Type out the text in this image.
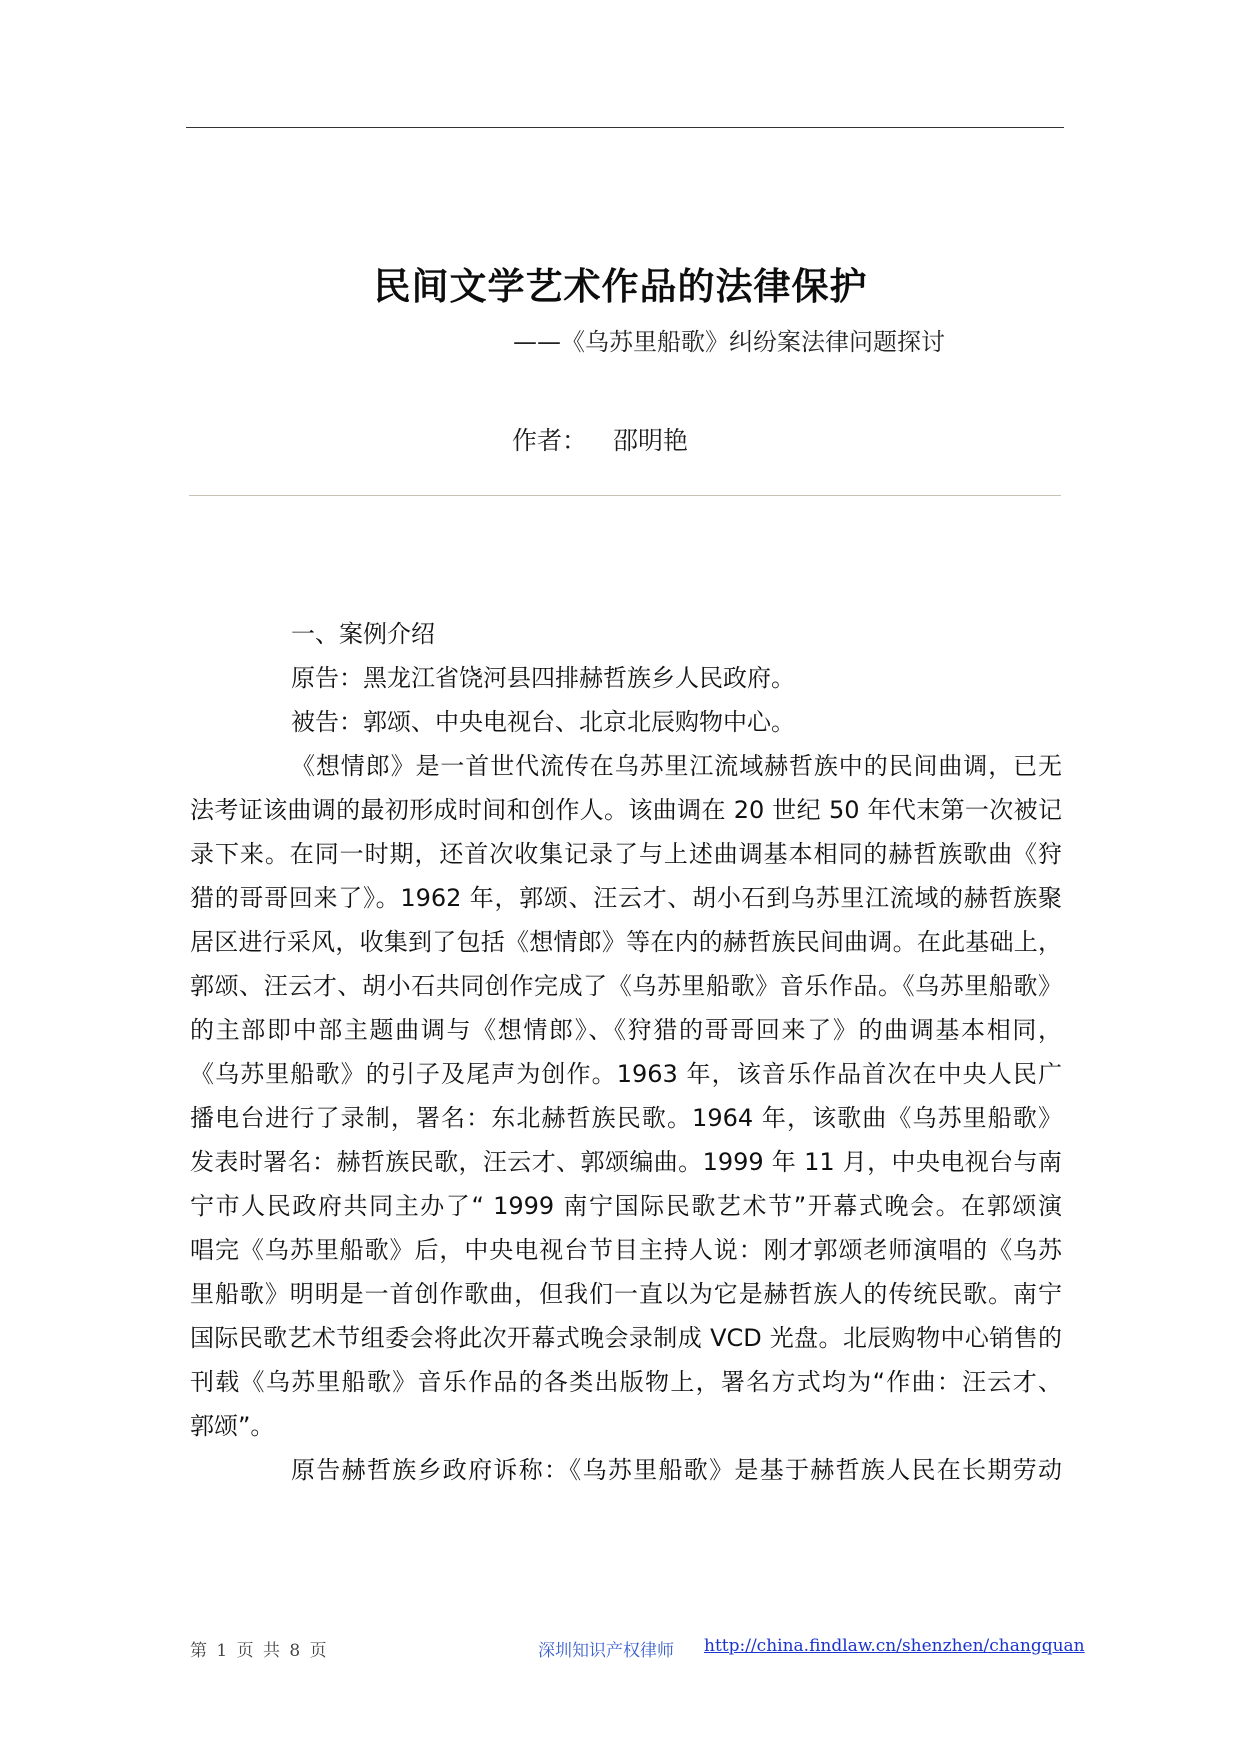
民间文学艺术作品的法律保护
——《乌苏里船歌》纠纷案法律问题探讨
作者： 邵明艳
一、案例介绍
原告：黑龙江省饶河县四排赫哲族乡人民政府。
被告：郭颂、中央电视台、北京北辰购物中心。

《想情郎》是一首世代流传在乌苏里江流域赫哲族中的民间曲调，已无
法考证该曲调的最初形成时间和创作人。该曲调在 20 世纪 50 年代末第一次被记
录下来。在同一时期，还首次收集记录了与上述曲调基本相同的赫哲族歌曲《狩
猎的哥哥回来了》。1962 年，郭颂、汪云才、胡小石到乌苏里江流域的赫哲族聚
居区进行采风，收集到了包括《想情郎》等在内的赫哲族民间曲调。在此基础上，
郭颂、汪云才、胡小石共同创作完成了《乌苏里船歌》音乐作品。《乌苏里船歌》
的主部即中部主题曲调与《想情郎》、《狩猎的哥哥回来了》的曲调基本相同，
《乌苏里船歌》的引子及尾声为创作。1963 年，该音乐作品首次在中央人民广
播电台进行了录制，署名：东北赫哲族民歌。1964 年，该歌曲《乌苏里船歌》
发表时署名：赫哲族民歌，汪云才、郭颂编曲。1999 年 11 月，中央电视台与南
宁市人民政府共同主办了“ 1999 南宁国际民歌艺术节”开幕式晚会。在郭颂演
唱完《乌苏里船歌》后，中央电视台节目主持人说：刚才郭颂老师演唱的《乌苏
里船歌》明明是一首创作歌曲，但我们一直以为它是赫哲族人的传统民歌。南宁
国际民歌艺术节组委会将此次开幕式晚会录制成 VCD 光盘。北辰购物中心销售的
刊载《乌苏里船歌》音乐作品的各类出版物上，署名方式均为“作曲：汪云才、
郭颂”。

原告赫哲族乡政府诉称：《乌苏里船歌》是基于赫哲族人民在长期劳动

第 1 页 共 8 页	深圳知识产权律师 http://china.findlaw.cn/shenzhen/changquan
